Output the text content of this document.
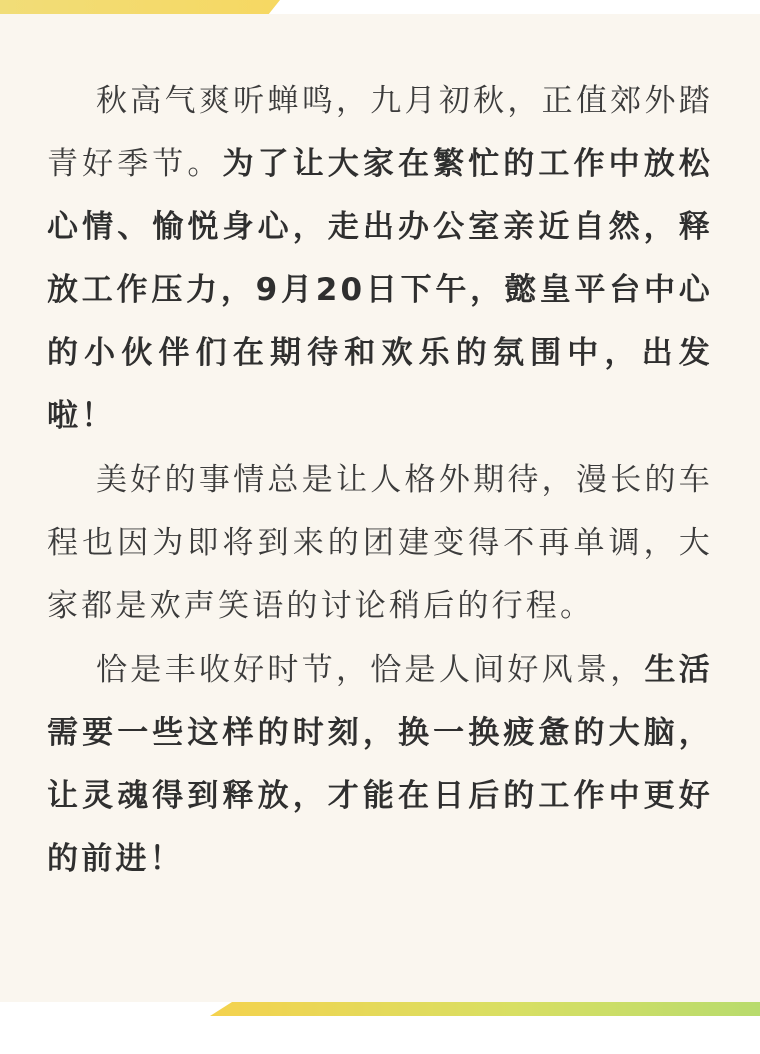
秋高气爽听蝉鸣，九月初秋，正值郊外踏青好季节。为了让大家在繁忙的工作中放松心情、愉悦身心，走出办公室亲近自然，释放工作压力，9月20日下午，懿皇平台中心的小伙伴们在期待和欢乐的氛围中，出发啦！

美好的事情总是让人格外期待，漫长的车程也因为即将到来的团建变得不再单调，大家都是欢声笑语的讨论稍后的行程。

恰是丰收好时节，恰是人间好风景，生活需要一些这样的时刻，换一换疲惫的大脑，让灵魂得到释放，才能在日后的工作中更好的前进！
